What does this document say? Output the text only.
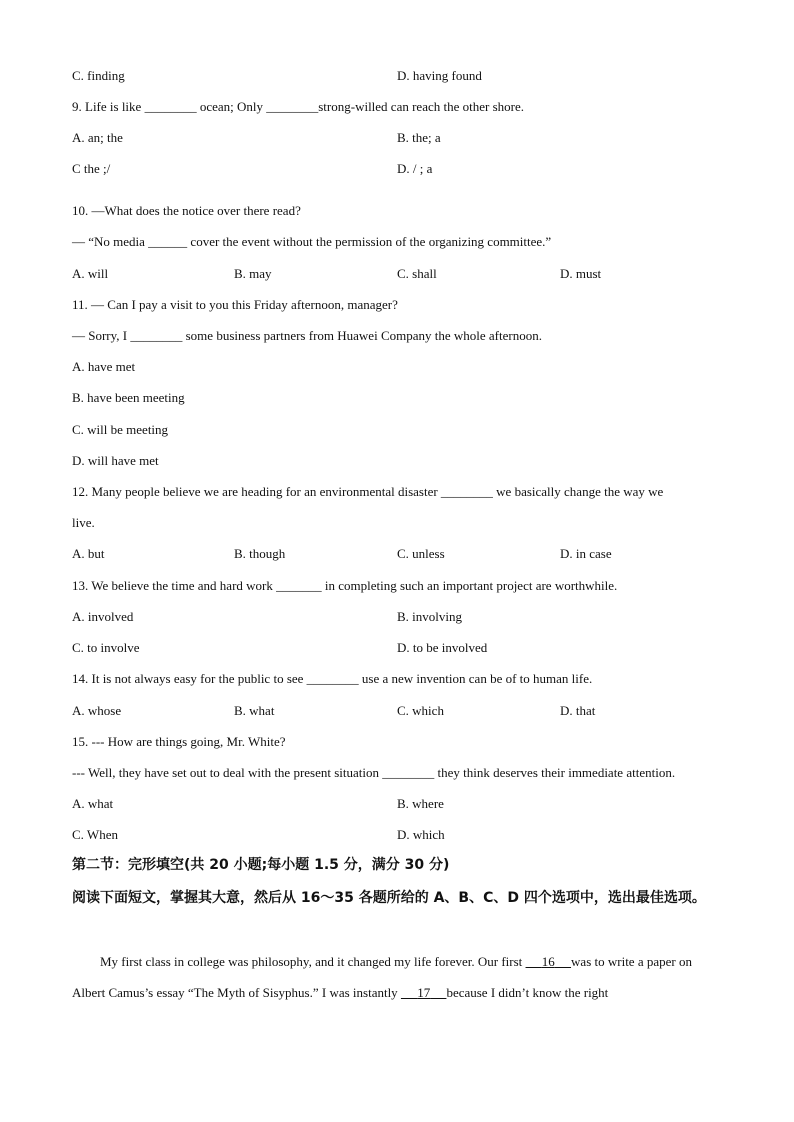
C. finding	D. having found
9. Life is like ________ ocean; Only ________strong-willed can reach the other shore.
A. an; the	B. the; a
C the ;/	D. / ; a
10. —What does the notice over there read?
— “No media ______ cover the event without the permission of the organizing committee.”
A. will	B. may	C. shall	D. must
11. — Can I pay a visit to you this Friday afternoon, manager?
— Sorry, I ________ some business partners from Huawei Company the whole afternoon.
A. have met
B. have been meeting
C. will be meeting
D. will have met
12. Many people believe we are heading for an environmental disaster ________ we basically change the way we
live.
A. but	B. though	C. unless	D. in case
13. We believe the time and hard work _______ in completing such an important project are worthwhile.
A. involved	B. involving
C. to involve	D. to be involved
14. It is not always easy for the public to see ________ use a new invention can be of to human life.
A. whose	B. what	C. which	D. that
15. --- How are things going, Mr. White?
--- Well, they have set out to deal with the present situation ________ they think deserves their immediate attention.
A. what	B. where
C. When	D. which
第二节：完形填空(共 20 小题;每小题 1.5 分，满分 30 分)
阅读下面短文，掌握其大意，然后从 16～35 各题所给的 A、B、C、D 四个选项中，选出最佳选项。
My first class in college was philosophy, and it changed my life forever. Our first 16 was to write a paper on Albert Camus’s essay “The Myth of Sisyphus.” I was instantly 17 because I didn’t know the right
